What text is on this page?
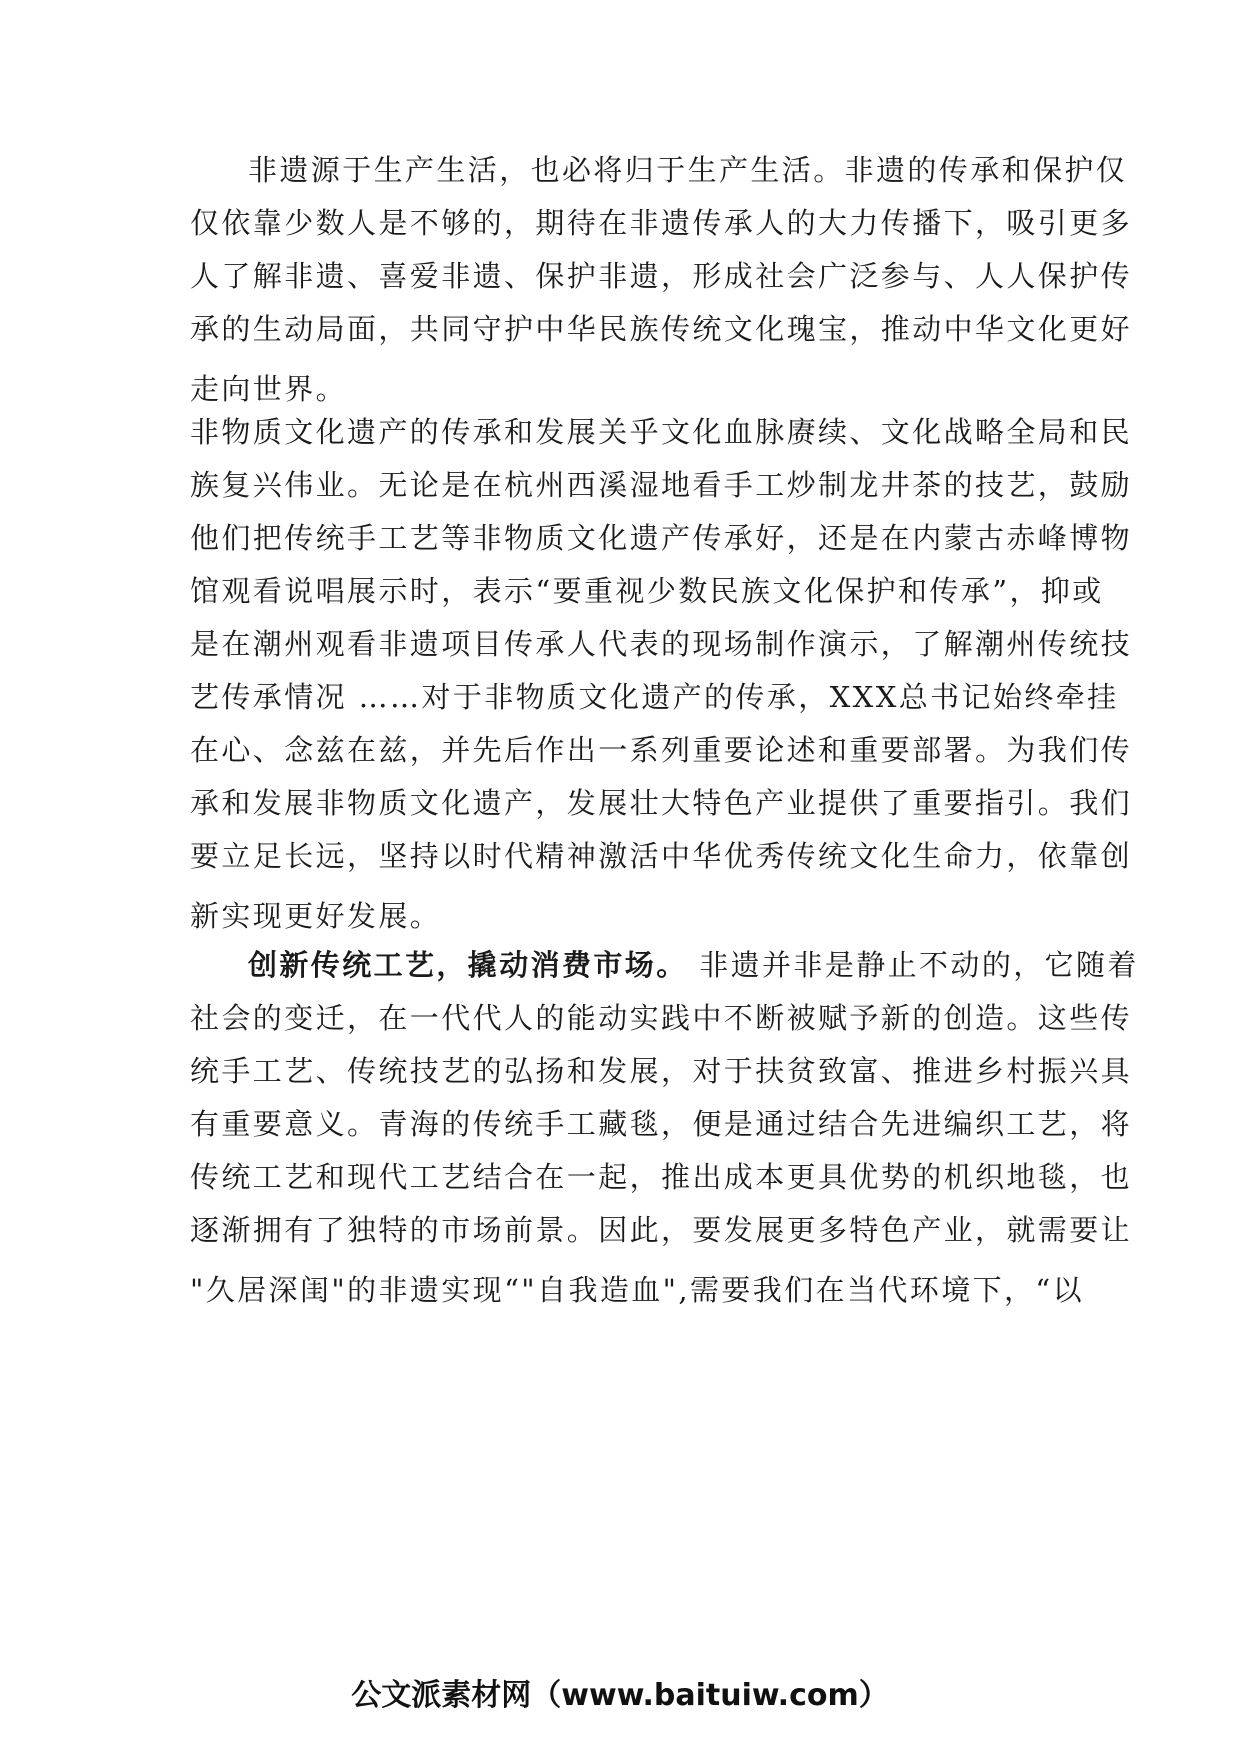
非遗源于生产生活，也必将归于生产生活。非遗的传承和保护仅
仅依靠少数人是不够的，期待在非遗传承人的大力传播下，吸引更多
人了解非遗、喜爱非遗、保护非遗，形成社会广泛参与、人人保护传
承的生动局面，共同守护中华民族传统文化瑰宝，推动中华文化更好
走向世界。
非物质文化遗产的传承和发展关乎文化血脉赓续、文化战略全局和民
族复兴伟业。无论是在杭州西溪湿地看手工炒制龙井茶的技艺，鼓励
他们把传统手工艺等非物质文化遗产传承好，还是在内蒙古赤峰博物
馆观看说唱展示时，表示“要重视少数民族文化保护和传承”，抑或
是在潮州观看非遗项目传承人代表的现场制作演示，了解潮州传统技
艺传承情况 ……对于非物质文化遗产的传承，XXX总书记始终牵挂
在心、念兹在兹，并先后作出一系列重要论述和重要部署。为我们传
承和发展非物质文化遗产，发展壮大特色产业提供了重要指引。我们
要立足长远，坚持以时代精神激活中华优秀传统文化生命力，依靠创
新实现更好发展。
创新传统工艺，撬动消费市场。 非遗并非是静止不动的，它随着
社会的变迁，在一代代人的能动实践中不断被赋予新的创造。这些传
统手工艺、传统技艺的弘扬和发展，对于扶贫致富、推进乡村振兴具
有重要意义。青海的传统手工藏毯，便是通过结合先进编织工艺，将
传统工艺和现代工艺结合在一起，推出成本更具优势的机织地毯，也
逐渐拥有了独特的市场前景。因此，要发展更多特色产业，就需要让
"久居深闺"的非遗实现“"自我造血",需要我们在当代环境下，“以
公文派素材网（www.baituiw.com）
